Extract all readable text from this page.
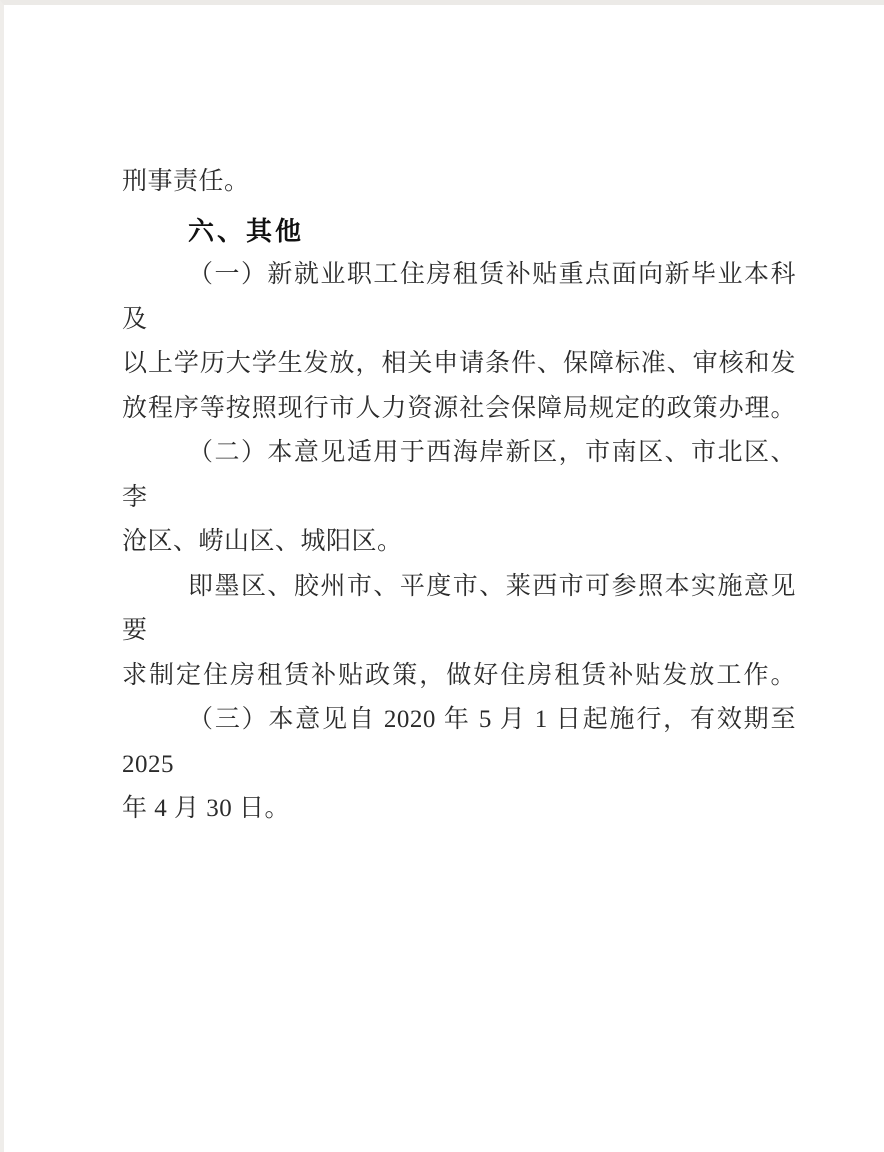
刑事责任。
六、其他
（一）新就业职工住房租赁补贴重点面向新毕业本科及
以上学历大学生发放，相关申请条件、保障标准、审核和发
放程序等按照现行市人力资源社会保障局规定的政策办理。
（二）本意见适用于西海岸新区，市南区、市北区、李
沧区、崂山区、城阳区。
即墨区、胶州市、平度市、莱西市可参照本实施意见要
求制定住房租赁补贴政策，做好住房租赁补贴发放工作。
（三）本意见自 2020 年 5 月 1 日起施行，有效期至 2025
年 4 月 30 日。
